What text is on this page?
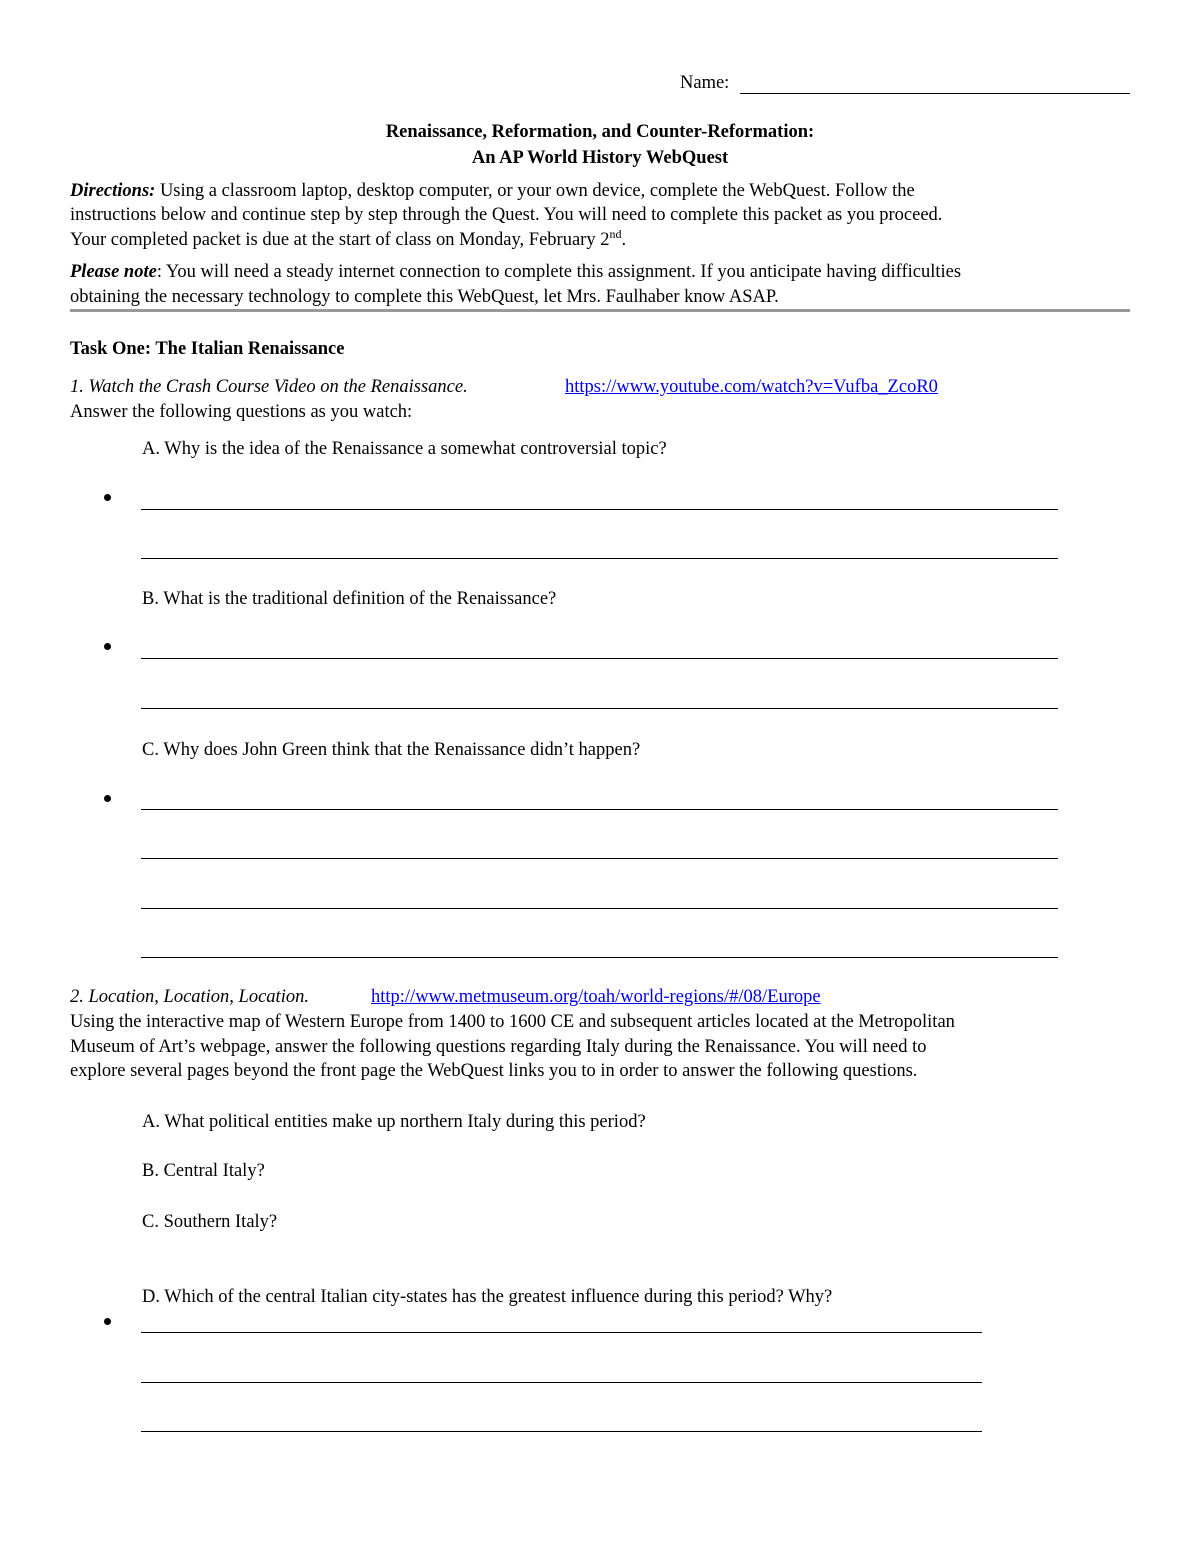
Name:
Renaissance, Reformation, and Counter-Reformation:
An AP World History WebQuest
Directions: Using a classroom laptop, desktop computer, or your own device, complete the WebQuest. Follow the
instructions below and continue step by step through the Quest. You will need to complete this packet as you proceed.
Your completed packet is due at the start of class on Monday, February 2nd.
Please note: You will need a steady internet connection to complete this assignment. If you anticipate having difficulties
obtaining the necessary technology to complete this WebQuest, let Mrs. Faulhaber know ASAP.
Task One: The Italian Renaissance
1. Watch the Crash Course Video on the Renaissance.	https://www.youtube.com/watch?v=Vufba_ZcoR0
Answer the following questions as you watch:
A. Why is the idea of the Renaissance a somewhat controversial topic?
B. What is the traditional definition of the Renaissance?
C. Why does John Green think that the Renaissance didn’t happen?
2. Location, Location, Location.	http://www.metmuseum.org/toah/world-regions/#/08/Europe
Using the interactive map of Western Europe from 1400 to 1600 CE and subsequent articles located at the Metropolitan
Museum of Art’s webpage, answer the following questions regarding Italy during the Renaissance. You will need to
explore several pages beyond the front page the WebQuest links you to in order to answer the following questions.
A. What political entities make up northern Italy during this period?
B. Central Italy?
C. Southern Italy?
D. Which of the central Italian city-states has the greatest influence during this period? Why?
